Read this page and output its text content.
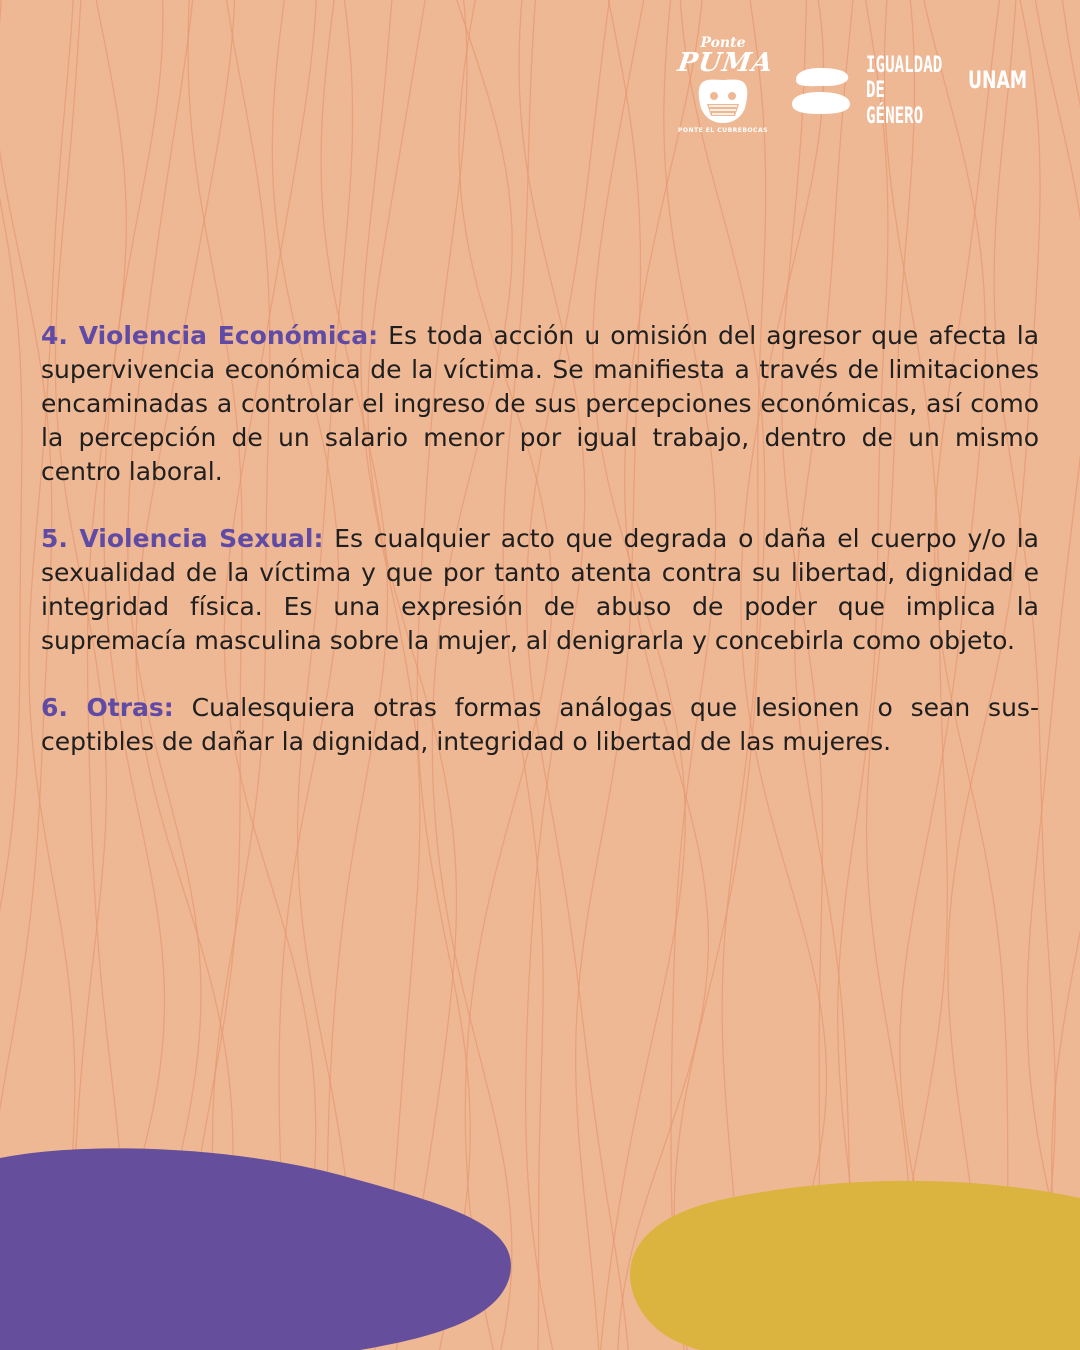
Ponte
PUMA
PONTE EL CUBREBOCAS
IGUALDAD
DE GÉNERO
UNAM

4. Violencia Económica: Es toda acción u omisión del agresor que afecta la supervivencia económica de la víctima. Se manifiesta a través de limitaciones encaminadas a controlar el ingreso de sus percepciones económicas, así como la percepción de un salario menor por igual trabajo, dentro de un mismo centro laboral.

5. Violencia Sexual: Es cualquier acto que degrada o daña el cuerpo y/o la sexualidad de la víctima y que por tanto atenta contra su libertad, dignidad e integridad física. Es una expresión de abuso de poder que implica la supremacía masculina sobre la mujer, al denigrarla y concebirla como objeto.

6. Otras: Cualesquiera otras formas análogas que lesionen o sean susceptibles de dañar la dignidad, integridad o libertad de las mujeres.
